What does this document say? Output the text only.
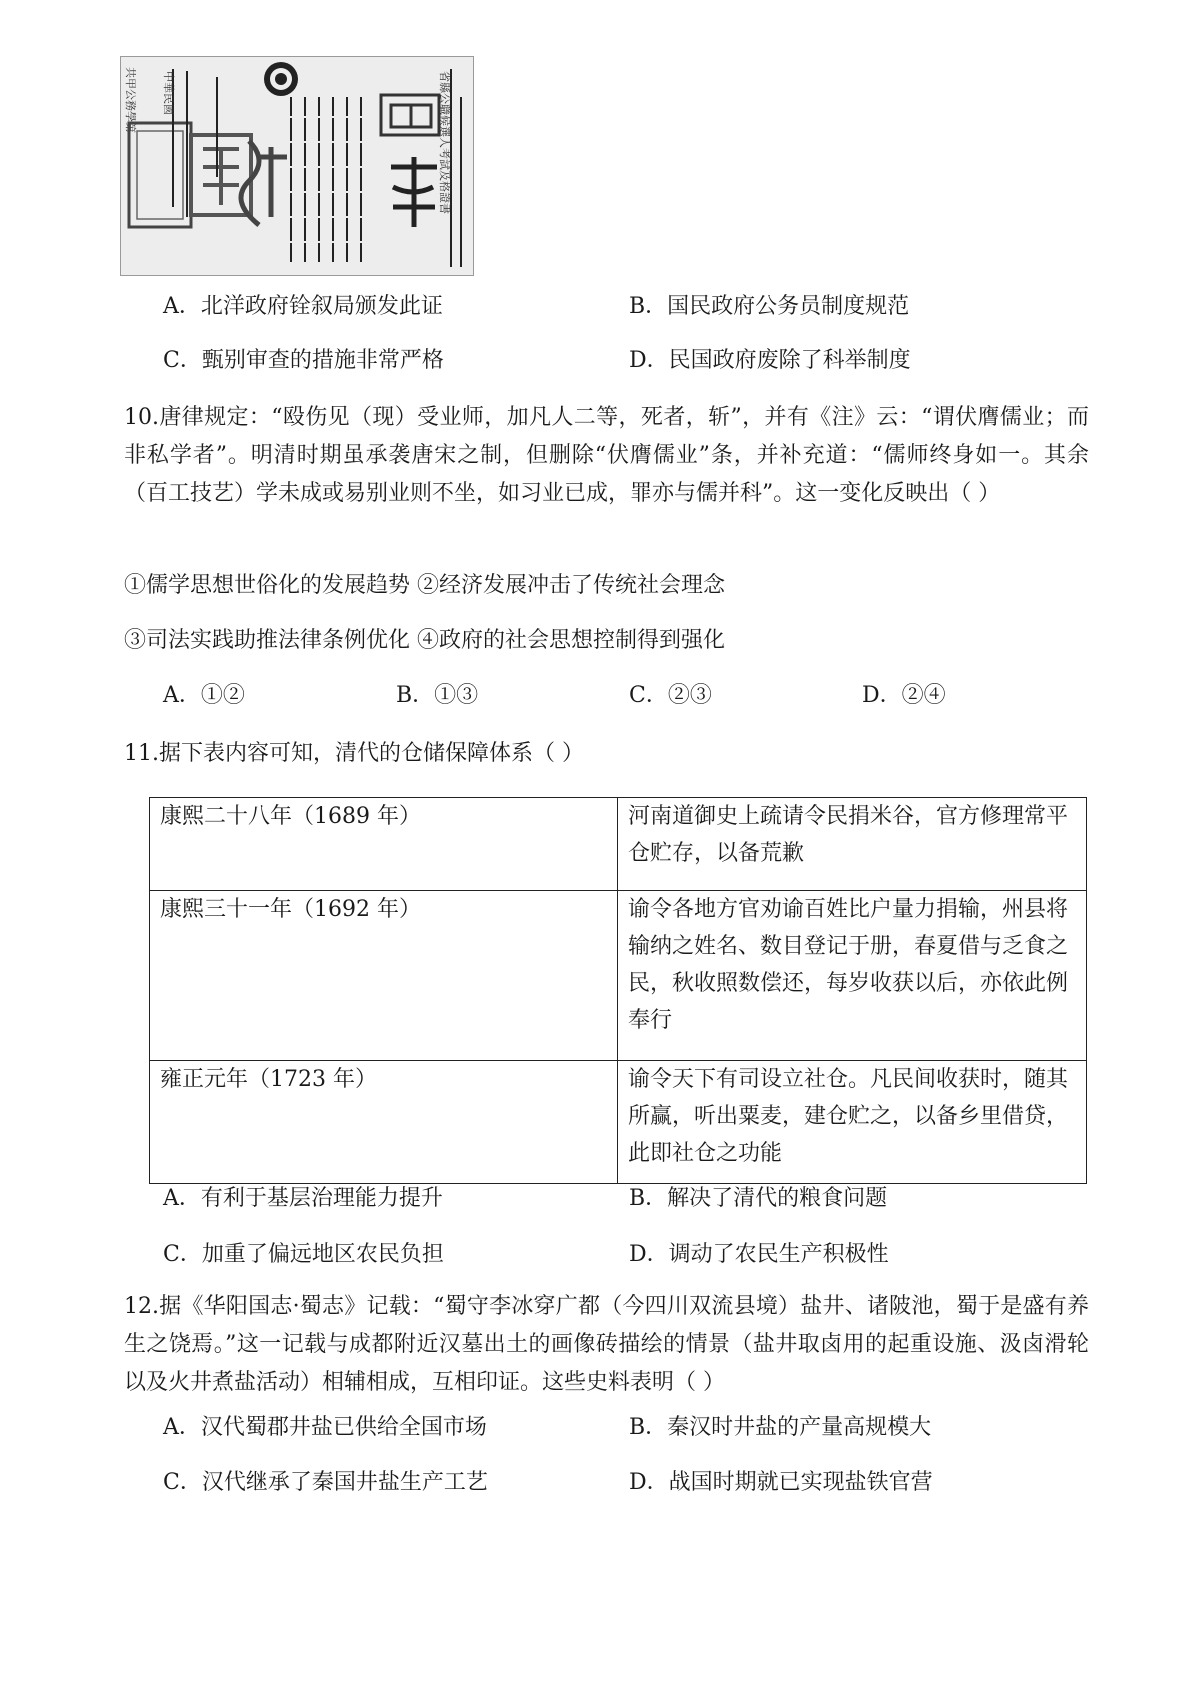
共甲公務學第	省縣公職候選人考試及格證書
中華民國
A．北洋政府铨叙局颁发此证	B．国民政府公务员制度规范
C．甄别审查的措施非常严格	D．民国政府废除了科举制度
10.唐律规定：“殴伤见（现）受业师，加凡人二等，死者，斩”，并有《注》云：“谓伏膺儒业；而非私学者”。明清时期虽承袭唐宋之制，但删除“伏膺儒业”条，并补充道：“儒师终身如一。其余（百工技艺）学未成或易别业则不坐，如习业已成，罪亦与儒并科”。这一变化反映出（ ）
①儒学思想世俗化的发展趋势 ②经济发展冲击了传统社会理念
③司法实践助推法律条例优化 ④政府的社会思想控制得到强化
A．①②	B．①③	C．②③	D．②④
11.据下表内容可知，清代的仓储保障体系（ ）
康熙二十八年（1689 年）	河南道御史上疏请令民捐米谷，官方修理常平仓贮存，以备荒歉
康熙三十一年（1692 年）	谕令各地方官劝谕百姓比户量力捐输，州县将输纳之姓名、数目登记于册，春夏借与乏食之民，秋收照数偿还，每岁收获以后，亦依此例奉行
雍正元年（1723 年）	谕令天下有司设立社仓。凡民间收获时，随其所赢，听出粟麦，建仓贮之，以备乡里借贷，此即社仓之功能
A．有利于基层治理能力提升	B．解决了清代的粮食问题
C．加重了偏远地区农民负担	D．调动了农民生产积极性
12.据《华阳国志·蜀志》记载：“蜀守李冰穿广都（今四川双流县境）盐井、诸陂池，蜀于是盛有养生之饶焉。”这一记载与成都附近汉墓出土的画像砖描绘的情景（盐井取卤用的起重设施、汲卤滑轮以及火井煮盐活动）相辅相成，互相印证。这些史料表明（ ）
A．汉代蜀郡井盐已供给全国市场	B．秦汉时井盐的产量高规模大
C．汉代继承了秦国井盐生产工艺	D．战国时期就已实现盐铁官营
